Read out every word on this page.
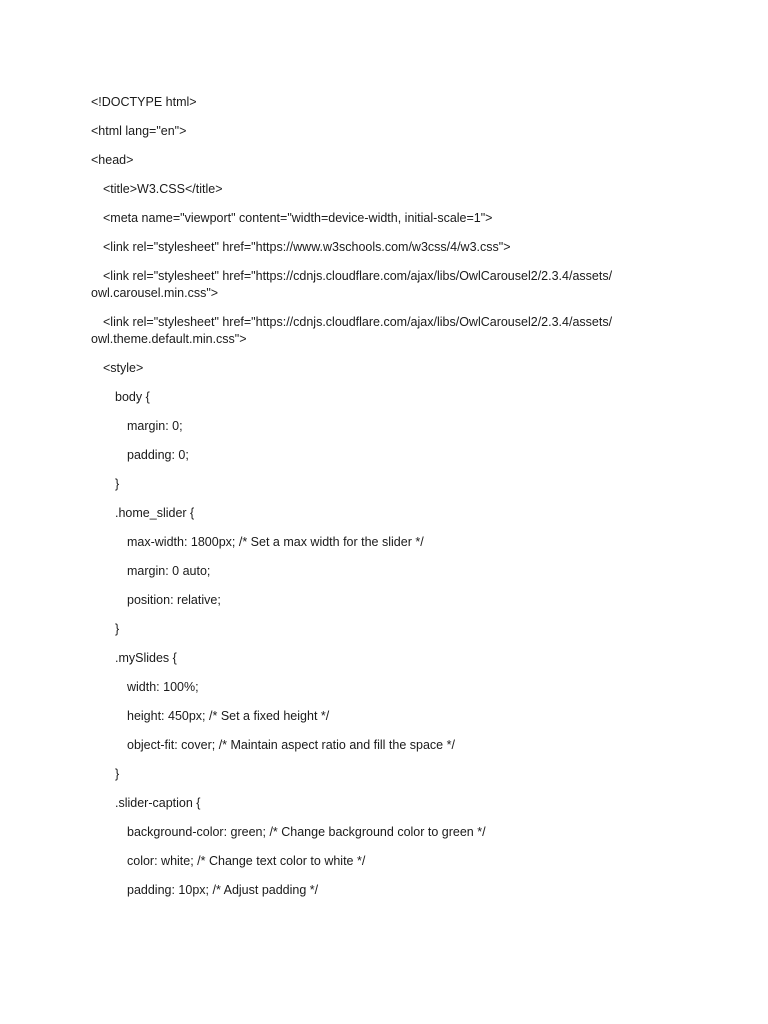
<!DOCTYPE html>
<html lang="en">
<head>
<title>W3.CSS</title>
<meta name="viewport" content="width=device-width, initial-scale=1">
<link rel="stylesheet" href="https://www.w3schools.com/w3css/4/w3.css">
<link rel="stylesheet" href="https://cdnjs.cloudflare.com/ajax/libs/OwlCarousel2/2.3.4/assets/
owl.carousel.min.css">
<link rel="stylesheet" href="https://cdnjs.cloudflare.com/ajax/libs/OwlCarousel2/2.3.4/assets/
owl.theme.default.min.css">
<style>
body {
margin: 0;
padding: 0;
}
.home_slider {
max-width: 1800px; /* Set a max width for the slider */
margin: 0 auto;
position: relative;
}
.mySlides {
width: 100%;
height: 450px; /* Set a fixed height */
object-fit: cover; /* Maintain aspect ratio and fill the space */
}
.slider-caption {
background-color: green; /* Change background color to green */
color: white; /* Change text color to white */
padding: 10px; /* Adjust padding */
